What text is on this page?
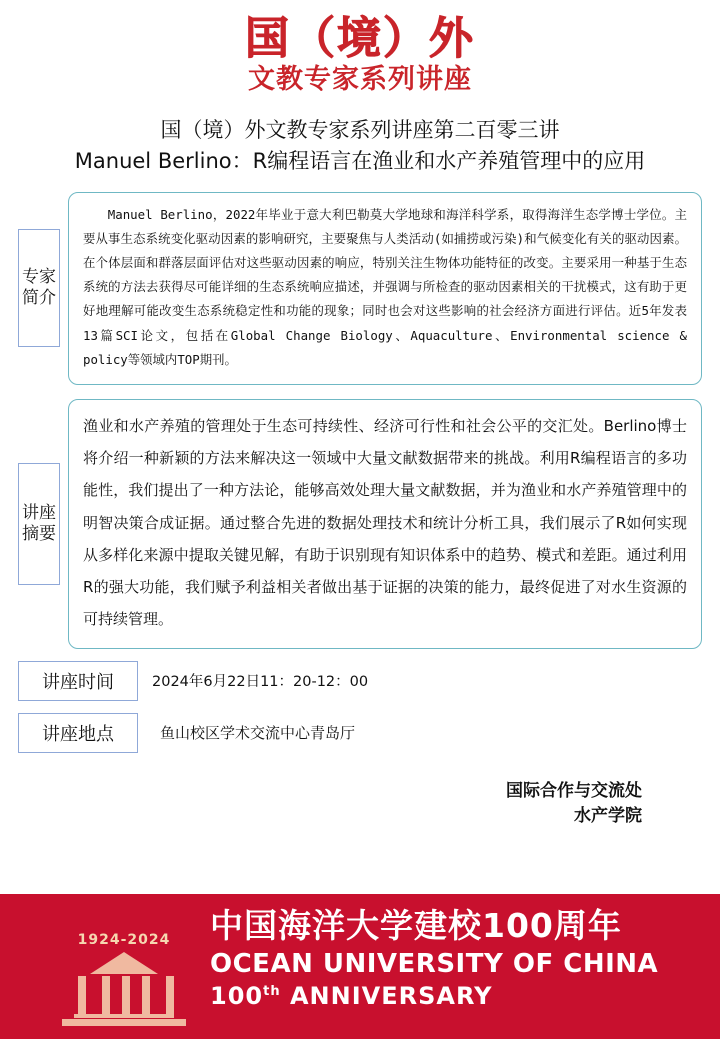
国（境）外
文教专家系列讲座
国（境）外文教专家系列讲座第二百零三讲
Manuel Berlino：R编程语言在渔业和水产养殖管理中的应用
专家简介
Manuel Berlino，2022年毕业于意大利巴勒莫大学地球和海洋科学系，取得海洋生态学博士学位。主要从事生态系统变化驱动因素的影响研究，主要聚焦与人类活动(如捕捞或污染)和气候变化有关的驱动因素。在个体层面和群落层面评估对这些驱动因素的响应，特别关注生物体功能特征的改变。主要采用一种基于生态系统的方法去获得尽可能详细的生态系统响应描述，并强调与所检查的驱动因素相关的干扰模式，这有助于更好地理解可能改变生态系统稳定性和功能的现象；同时也会对这些影响的社会经济方面进行评估。近5年发表13篇SCI论文，包括在Global Change Biology、Aquaculture、Environmental science & policy等领域内TOP期刊。
讲座摘要
渔业和水产养殖的管理处于生态可持续性、经济可行性和社会公平的交汇处。Berlino博士将介绍一种新颖的方法来解决这一领域中大量文献数据带来的挑战。利用R编程语言的多功能性，我们提出了一种方法论，能够高效处理大量文献数据，并为渔业和水产养殖管理中的明智决策合成证据。通过整合先进的数据处理技术和统计分析工具，我们展示了R如何实现从多样化来源中提取关键见解，有助于识别现有知识体系中的趋势、模式和差距。通过利用R的强大功能，我们赋予利益相关者做出基于证据的决策的能力，最终促进了对水生资源的可持续管理。
讲座时间	2024年6月22日11：20-12：00
讲座地点	鱼山校区学术交流中心青岛厅
国际合作与交流处
水产学院
1924-2024	中国海洋大学建校100周年
OCEAN UNIVERSITY OF CHINA
100th ANNIVERSARY
